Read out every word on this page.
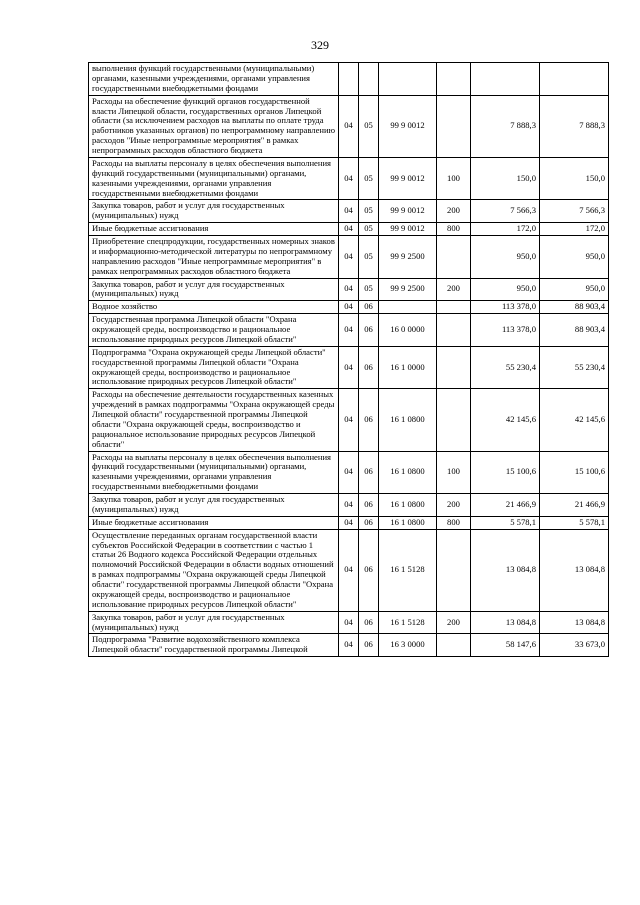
329
выполнения функций государственными (муниципальными) органами, казенными учреждениями, органами управления государственными внебюджетными фондами						
Расходы на обеспечение функций органов государственной власти Липецкой области, государственных органов Липецкой области (за исключением расходов на выплаты по оплате труда работников указанных органов) по непрограммному направлению расходов "Иные непрограммные мероприятия" в рамках непрограммных расходов областного бюджета	04	05	99 9 0012		7 888,3	7 888,3
Расходы на выплаты персоналу в целях обеспечения выполнения функций государственными (муниципальными) органами, казенными учреждениями, органами управления государственными внебюджетными фондами	04	05	99 9 0012	100	150,0	150,0
Закупка товаров, работ и услуг для государственных (муниципальных) нужд	04	05	99 9 0012	200	7 566,3	7 566,3
Иные бюджетные ассигнования	04	05	99 9 0012	800	172,0	172,0
Приобретение спецпродукции, государственных номерных знаков и информационно-методической литературы по непрограммному направлению расходов "Иные непрограммные мероприятия" в рамках непрограммных расходов областного бюджета	04	05	99 9 2500		950,0	950,0
Закупка товаров, работ и услуг для государственных (муниципальных) нужд	04	05	99 9 2500	200	950,0	950,0
Водное хозяйство	04	06			113 378,0	88 903,4
Государственная программа Липецкой области "Охрана окружающей среды, воспроизводство и рациональное использование природных ресурсов Липецкой области"	04	06	16 0 0000		113 378,0	88 903,4
Подпрограмма "Охрана окружающей среды Липецкой области" государственной программы Липецкой области "Охрана окружающей среды, воспроизводство и рациональное использование природных ресурсов Липецкой области"	04	06	16 1 0000		55 230,4	55 230,4
Расходы на обеспечение деятельности государственных казенных учреждений в рамках подпрограммы "Охрана окружающей среды Липецкой области" государственной программы Липецкой области "Охрана окружающей среды, воспроизводство и рациональное использование природных ресурсов Липецкой области"	04	06	16 1 0800		42 145,6	42 145,6
Расходы на выплаты персоналу в целях обеспечения выполнения функций государственными (муниципальными) органами, казенными учреждениями, органами управления государственными внебюджетными фондами	04	06	16 1 0800	100	15 100,6	15 100,6
Закупка товаров, работ и услуг для государственных (муниципальных) нужд	04	06	16 1 0800	200	21 466,9	21 466,9
Иные бюджетные ассигнования	04	06	16 1 0800	800	5 578,1	5 578,1
Осуществление переданных органам государственной власти субъектов Российской Федерации в соответствии с частью 1 статьи 26 Водного кодекса Российской Федерации отдельных полномочий Российской Федерации в области водных отношений в рамках подпрограммы "Охрана окружающей среды Липецкой области" государственной программы Липецкой области "Охрана окружающей среды, воспроизводство и рациональное использование природных ресурсов Липецкой области"	04	06	16 1 5128		13 084,8	13 084,8
Закупка товаров, работ и услуг для государственных (муниципальных) нужд	04	06	16 1 5128	200	13 084,8	13 084,8
Подпрограмма "Развитие водохозяйственного комплекса Липецкой области" государственной программы Липецкой	04	06	16 3 0000		58 147,6	33 673,0
